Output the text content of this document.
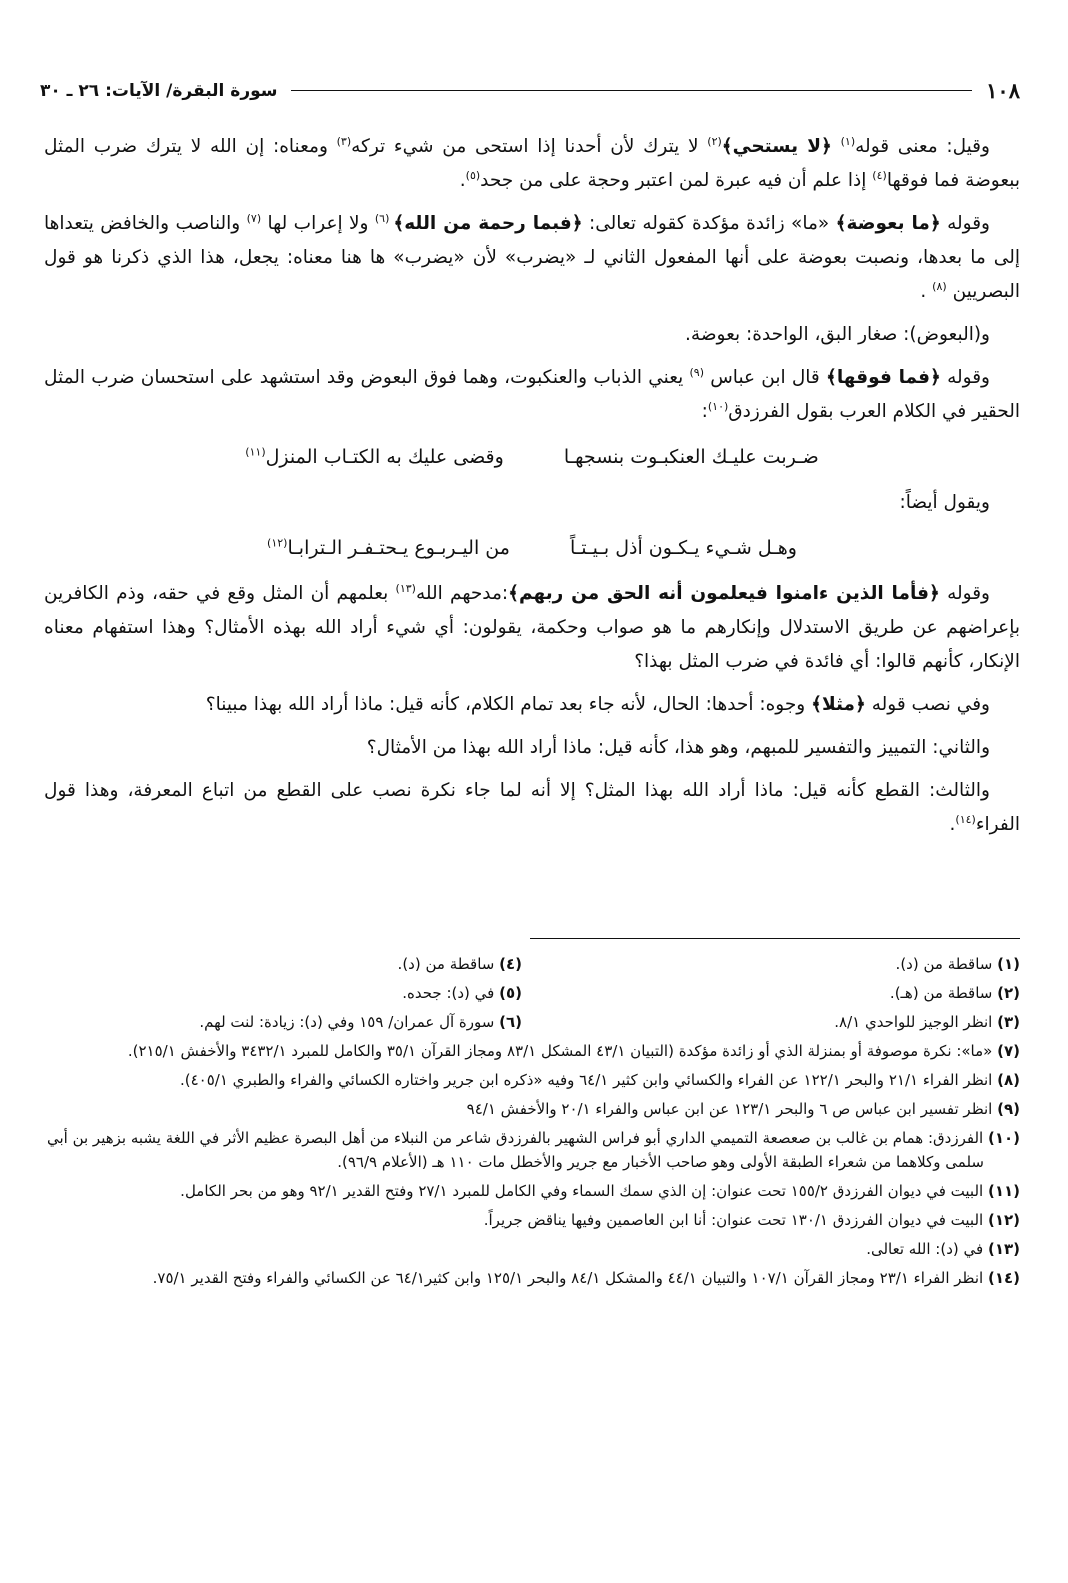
١٠٨
سورة البقرة/ الآيات: ٢٦ ـ ٣٠

وقيل: معنى قوله$^{(١)}$ ﴿لا يستحي﴾$^{(٢)}$ لا يترك لأن أحدنا إذا استحى من شيء تركه$^{(٣)}$ ومعناه: إن الله لا يترك ضرب المثل ببعوضة فما فوقها$^{(٤)}$ إذا علم أن فيه عبرة لمن اعتبر وحجة على من جحد$^{(٥)}$.

وقوله ﴿ما بعوضة﴾ «ما» زائدة مؤكدة كقوله تعالى: ﴿فبما رحمة من الله﴾ $^{(٦)}$ ولا إعراب لها $^{(٧)}$ والناصب والخافض يتعداها إلى ما بعدها، ونصبت بعوضة على أنها المفعول الثاني لـ «يضرب» لأن «يضرب» ها هنا معناه: يجعل، هذا الذي ذكرنا هو قول البصريين $^{(٨)}$ .

و(البعوض): صغار البق، الواحدة: بعوضة.

وقوله ﴿فما فوقها﴾ قال ابن عباس $^{(٩)}$ يعني الذباب والعنكبوت، وهما فوق البعوض وقد استشهد على استحسان ضرب المثل الحقير في الكلام العرب بقول الفرزدق$^{(١٠)}$:

ضـربت عليـك العنكبـوت بنسجهـا
وقضى عليك به الكتـاب المنزل$^{(١١)}$

ويقول أيضاً:

وهـل شـيء يـكـون أذل بـيـتـاً
من اليـربـوع يـحتـفـر الـترابـا$^{(١٢)}$

وقوله ﴿فأما الذين ءامنوا فيعلمون أنه الحق من ربهم﴾:مدحهم الله$^{(١٣)}$ بعلمهم أن المثل وقع في حقه، وذم الكافرين بإعراضهم عن طريق الاستدلال وإنكارهم ما هو صواب وحكمة، يقولون: أي شيء أراد الله بهذه الأمثال؟ وهذا استفهام معناه الإنكار، كأنهم قالوا: أي فائدة في ضرب المثل بهذا؟

وفي نصب قوله ﴿مثلا﴾ وجوه: أحدها: الحال، لأنه جاء بعد تمام الكلام، كأنه قيل: ماذا أراد الله بهذا مبينا؟

والثاني: التمييز والتفسير للمبهم، وهو هذا، كأنه قيل: ماذا أراد الله بهذا من الأمثال؟

والثالث: القطع كأنه قيل: ماذا أراد الله بهذا المثل؟ إلا أنه لما جاء نكرة نصب على القطع من اتباع المعرفة، وهذا قول الفراء$^{(١٤)}$.

(١) ساقطة من (د).
(٤) ساقطة من (د).
(٢) ساقطة من (هـ).
(٥) في (د): جحده.
(٣) انظر الوجيز للواحدي ٨/١.
(٦) سورة آل عمران/ ١٥٩ وفي (د): زيادة: لنت لهم.
(٧) «ما»: نكرة موصوفة أو بمنزلة الذي أو زائدة مؤكدة (التبيان ٤٣/١ المشكل ٨٣/١ ومجاز القرآن ٣٥/١ والكامل للمبرد ٣٤٣٢/١ والأخفش ٢١٥/١).
(٨) انظر الفراء ٢١/١ والبحر ١٢٢/١ عن الفراء والكسائي وابن كثير ٦٤/١ وفيه «ذكره ابن جرير واختاره الكسائي والفراء والطبري ٤٠٥/١).
(٩) انظر تفسير ابن عباس ص ٦ والبحر ١٢٣/١ عن ابن عباس والفراء ٢٠/١ والأخفش ٩٤/١
(١٠) الفرزدق: همام بن غالب بن صعصعة التميمي الداري أبو فراس الشهير بالفرزدق شاعر من النبلاء من أهل البصرة عظيم الأثر في اللغة يشبه بزهير بن أبي سلمى وكلاهما من شعراء الطبقة الأولى وهو صاحب الأخبار مع جرير والأخطل مات ١١٠ هـ (الأعلام ٩٦/٩).
(١١) البيت في ديوان الفرزدق ١٥٥/٢ تحت عنوان: إن الذي سمك السماء وفي الكامل للمبرد ٢٧/١ وفتح القدير ٩٢/١ وهو من بحر الكامل.
(١٢) البيت في ديوان الفرزدق ١٣٠/١ تحت عنوان: أنا ابن العاصمين وفيها يناقض جريراً.
(١٣) في (د): الله تعالى.
(١٤) انظر الفراء ٢٣/١ ومجاز القرآن ١٠٧/١ والتبيان ٤٤/١ والمشكل ٨٤/١ والبحر ١٢٥/١ وابن كثير٦٤/١ عن الكسائي والفراء وفتح القدير ٧٥/١.
